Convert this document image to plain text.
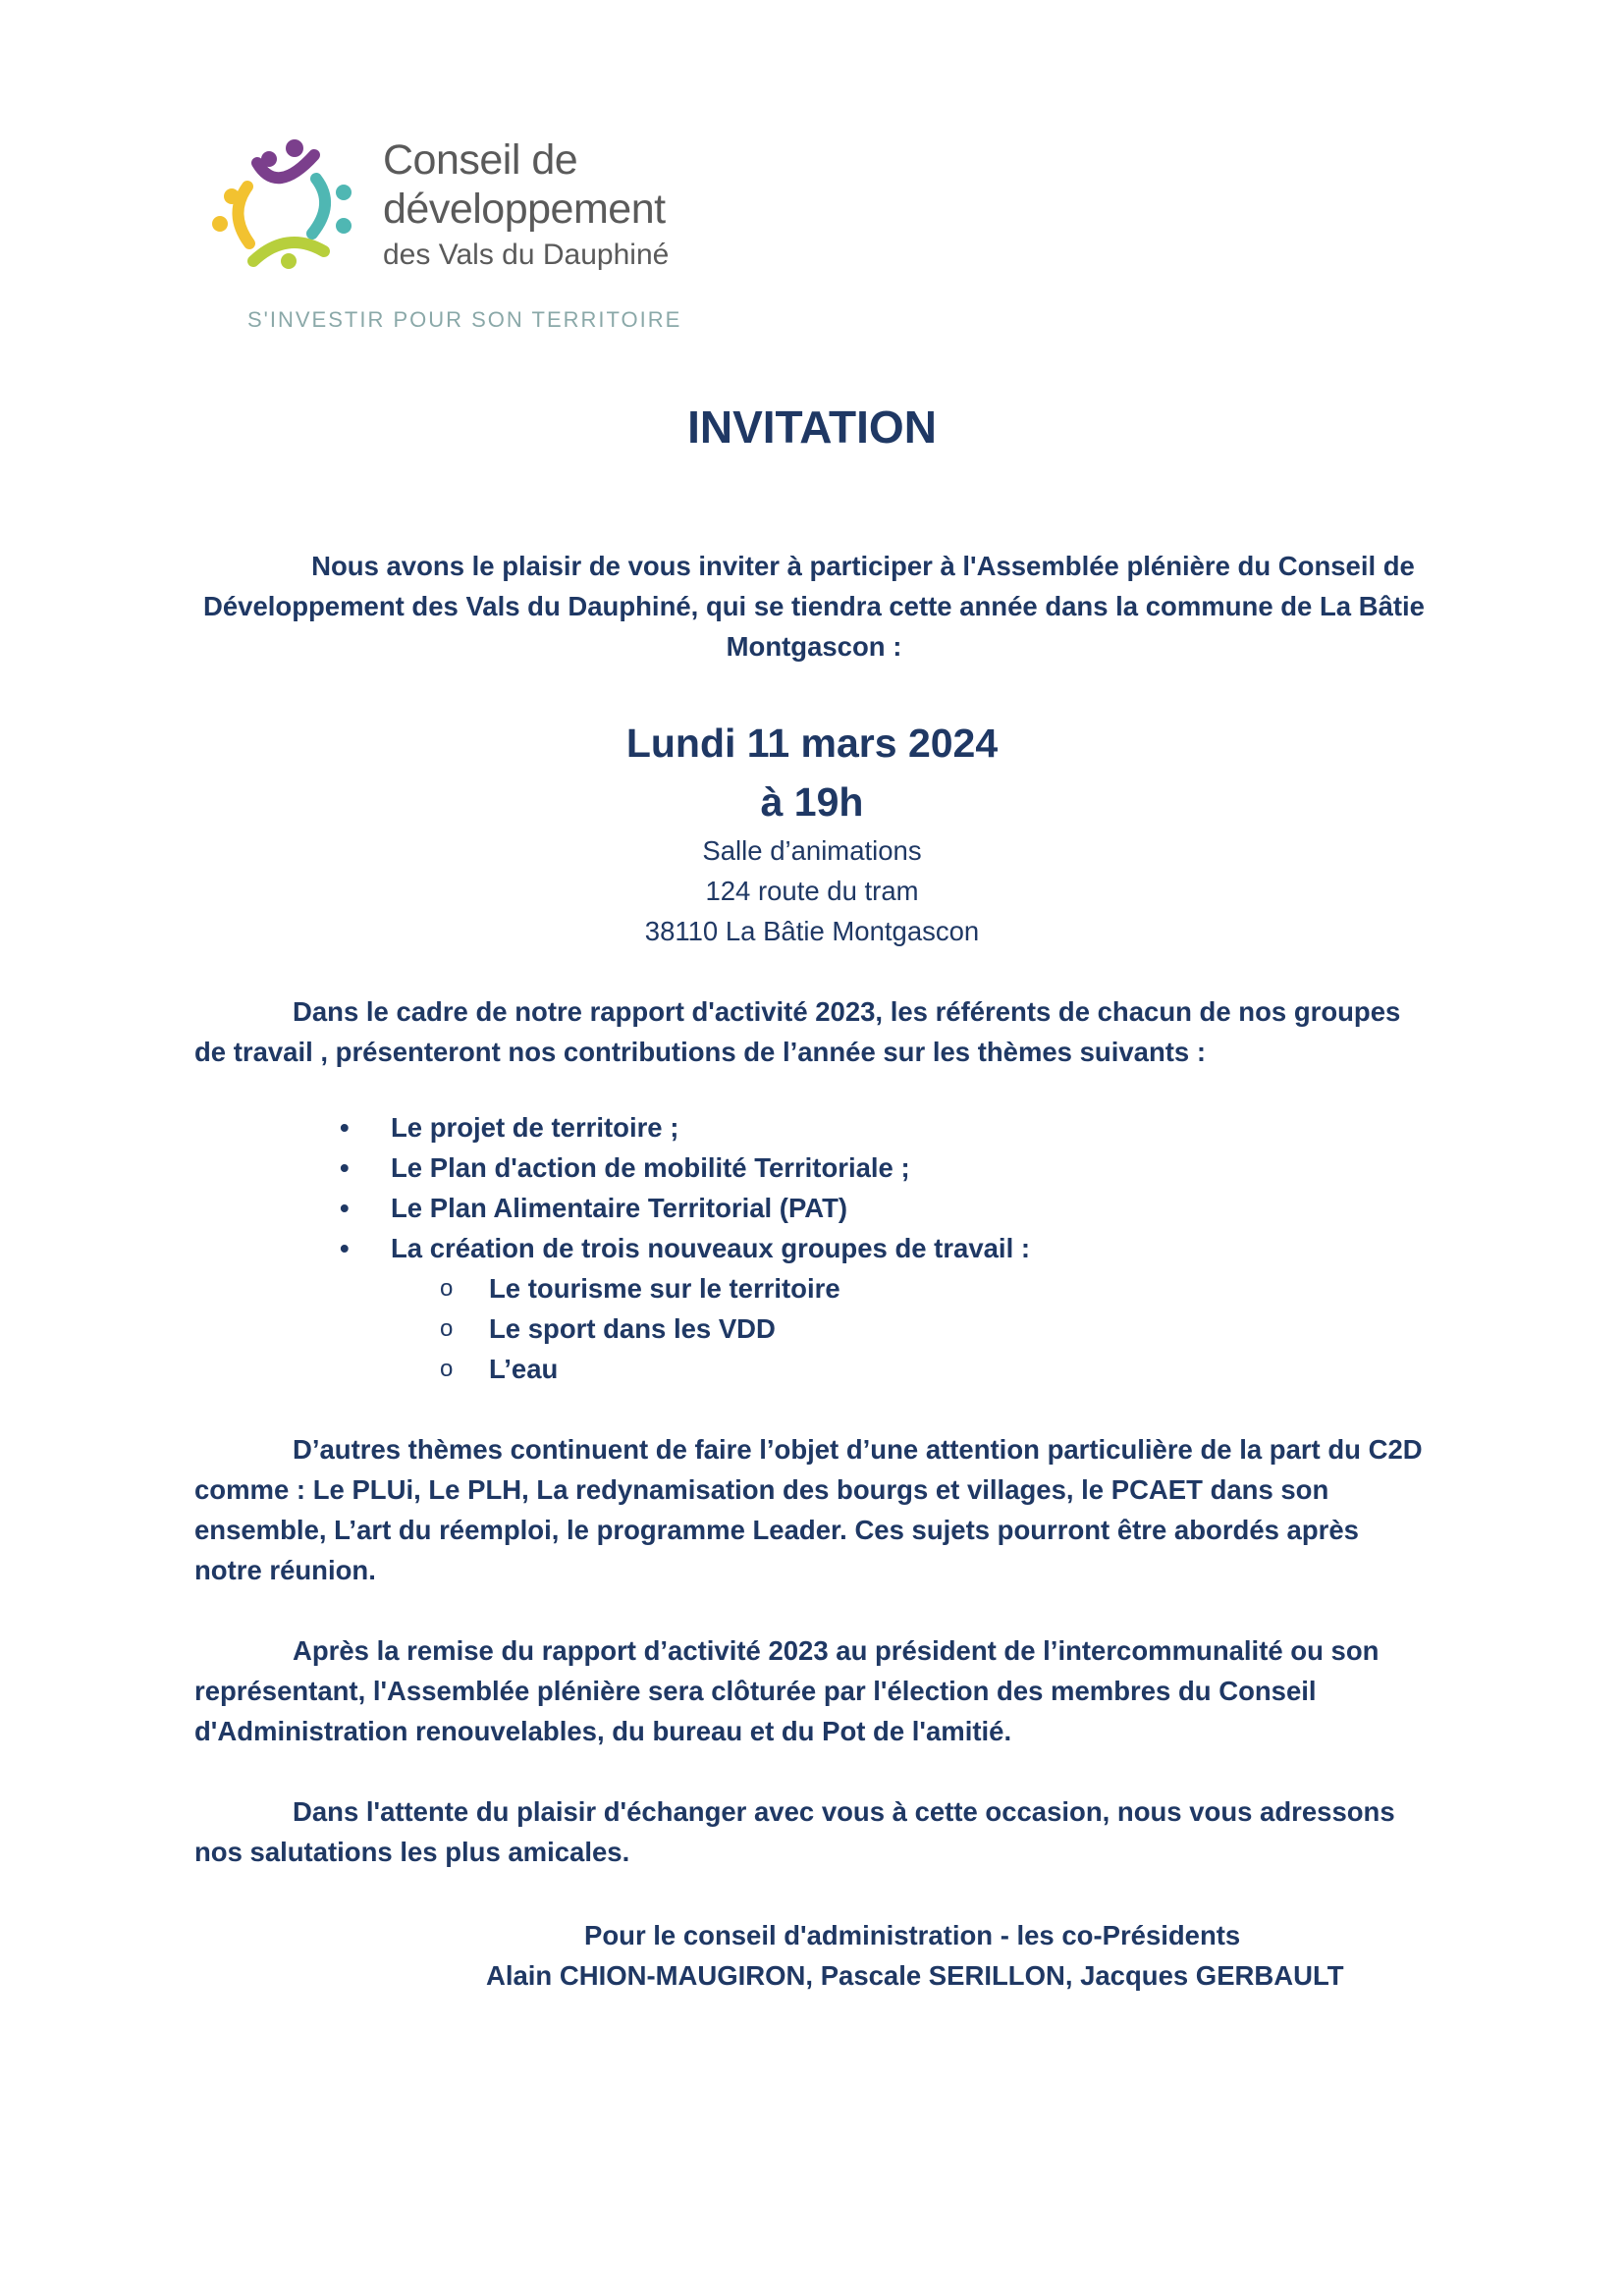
Conseil de
développement
des Vals du Dauphiné
S'INVESTIR POUR SON TERRITOIRE
INVITATION
Nous avons le plaisir de vous inviter à participer à l'Assemblée plénière du Conseil de Développement des Vals du Dauphiné, qui se tiendra cette année dans la commune de La Bâtie Montgascon :
Lundi 11 mars 2024
à 19h
Salle d’animations
124 route du tram
38110 La Bâtie Montgascon
Dans le cadre de notre rapport d'activité 2023, les référents de chacun de nos groupes de travail , présenteront nos contributions de l’année sur les thèmes suivants :
• Le projet de territoire ;
• Le Plan d'action de mobilité Territoriale ;
• Le Plan Alimentaire Territorial (PAT)
• La création de trois nouveaux groupes de travail :
o Le tourisme sur le territoire
o Le sport dans les VDD
o L’eau
D’autres thèmes continuent de faire l’objet d’une attention particulière de la part du C2D comme : Le PLUi, Le PLH, La redynamisation des bourgs et villages, le PCAET dans son ensemble, L’art du réemploi, le programme Leader. Ces sujets pourront être abordés après notre réunion.
Après la remise du rapport d’activité 2023 au président de l’intercommunalité ou son représentant, l'Assemblée plénière sera clôturée par l'élection des membres du Conseil d'Administration renouvelables, du bureau et du Pot de l'amitié.
Dans l'attente du plaisir d'échanger avec vous à cette occasion, nous vous adressons nos salutations les plus amicales.
Pour le conseil d'administration - les co-Présidents
Alain CHION-MAUGIRON, Pascale SERILLON, Jacques GERBAULT
